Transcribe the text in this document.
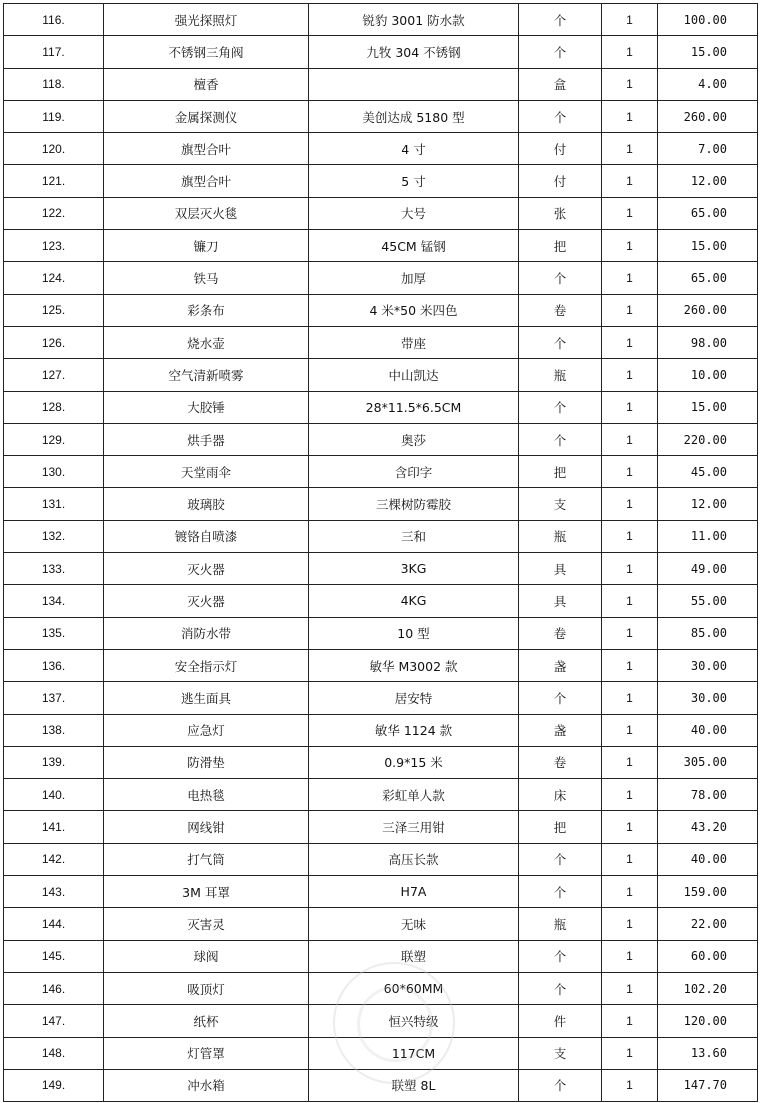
116.	强光探照灯	锐豹 3001 防水款	个	1	100.00
117.	不锈钢三角阀	九牧 304 不锈钢	个	1	15.00
118.	檀香		盒	1	4.00
119.	金属探测仪	美创达成 5180 型	个	1	260.00
120.	旗型合叶	4 寸	付	1	7.00
121.	旗型合叶	5 寸	付	1	12.00
122.	双层灭火毯	大号	张	1	65.00
123.	镰刀	45CM 锰钢	把	1	15.00
124.	铁马	加厚	个	1	65.00
125.	彩条布	4 米*50 米四色	卷	1	260.00
126.	烧水壶	带座	个	1	98.00
127.	空气清新喷雾	中山凯达	瓶	1	10.00
128.	大胶锤	28*11.5*6.5CM	个	1	15.00
129.	烘手器	奥莎	个	1	220.00
130.	天堂雨伞	含印字	把	1	45.00
131.	玻璃胶	三棵树防霉胶	支	1	12.00
132.	镀铬自喷漆	三和	瓶	1	11.00
133.	灭火器	3KG	具	1	49.00
134.	灭火器	4KG	具	1	55.00
135.	消防水带	10 型	卷	1	85.00
136.	安全指示灯	敏华 M3002 款	盏	1	30.00
137.	逃生面具	居安特	个	1	30.00
138.	应急灯	敏华 1124 款	盏	1	40.00
139.	防滑垫	0.9*15 米	卷	1	305.00
140.	电热毯	彩虹单人款	床	1	78.00
141.	网线钳	三泽三用钳	把	1	43.20
142.	打气筒	高压长款	个	1	40.00
143.	3M 耳罩	H7A	个	1	159.00
144.	灭害灵	无味	瓶	1	22.00
145.	球阀	联塑	个	1	60.00
146.	吸顶灯	60*60MM	个	1	102.20
147.	纸杯	恒兴特级	件	1	120.00
148.	灯管罩	117CM	支	1	13.60
149.	冲水箱	联塑 8L	个	1	147.70
